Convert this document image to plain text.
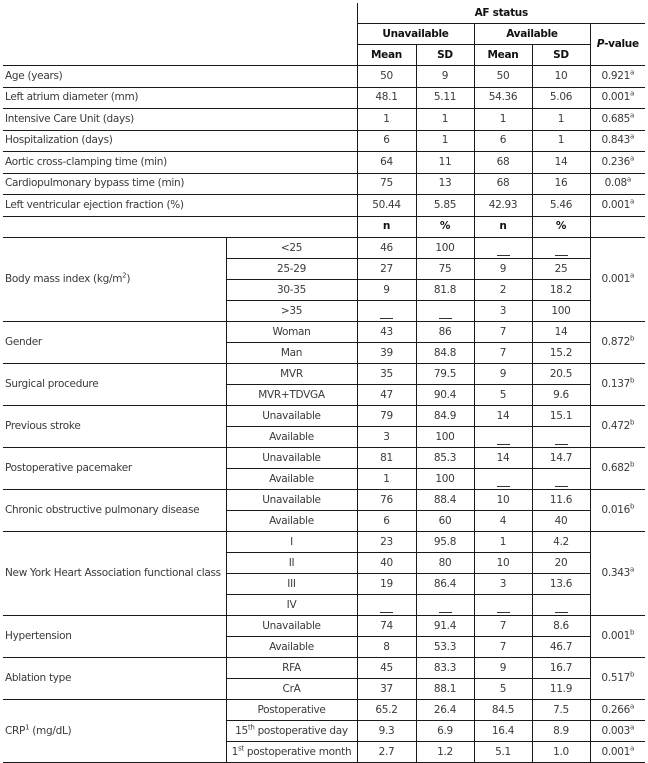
		AF status				
		Unavailable		Available		P-value
		Mean	SD	Mean	SD	
Age (years)		50	9	50	10	0.921$^a$
Left atrium diameter (mm)		48.1	5.11	54.36	5.06	0.001$^a$
Intensive Care Unit (days)		1	1	1	1	0.685$^a$
Hospitalization (days)		6	1	6	1	0.843$^a$
Aortic cross-clamping time (min)		64	11	68	14	0.236$^a$
Cardiopulmonary bypass time (min)		75	13	68	16	0.08$^a$
Left ventricular ejection fraction (%)		50.44	5.85	42.93	5.46	0.001$^a$
		n	%	n	%	
Body mass index $(kg/m^2)$	<25	46	100			0.001$^a$
	25-29	27	75	9	25	
	30-35	9	81.8	2	18.2	
	>35			3	100	
Gender	Woman	43	86	7	14	0.872$^b$
	Man	39	84.8	7	15.2	
Surgical procedure	MVR	35	79.5	9	20.5	0.137$^b$
	MVR+TDVGA	47	90.4	5	9.6	
Previous stroke	Unavailable	79	84.9	14	15.1	0.472$^b$
	Available	3	100			
Postoperative pacemaker	Unavailable	81	85.3	14	14.7	0.682$^b$
	Available	1	100			
Chronic obstructive pulmonary disease	Unavailable	76	88.4	10	11.6	0.016$^b$
	Available	6	60	4	40	
New York Heart Association functional class	I	23	95.8	1	4.2	0.343$^a$
	II	40	80	10	20	
	III	19	86.4	3	13.6	
	IV					
Hypertension	Unavailable	74	91.4	7	8.6	0.001$^b$
	Available	8	53.3	7	46.7	
Ablation type	RFA	45	83.3	9	16.7	0.517$^b$
	CrA	37	88.1	5	11.9	
CRP$^1$ (mg/dL)	Postoperative	65.2	26.4	84.5	7.5	0.266$^a$
	15th postoperative day	9.3	6.9	16.4	8.9	0.003$^a$
	1st postoperative month	2.7	1.2	5.1	1.0	0.001$^a$
